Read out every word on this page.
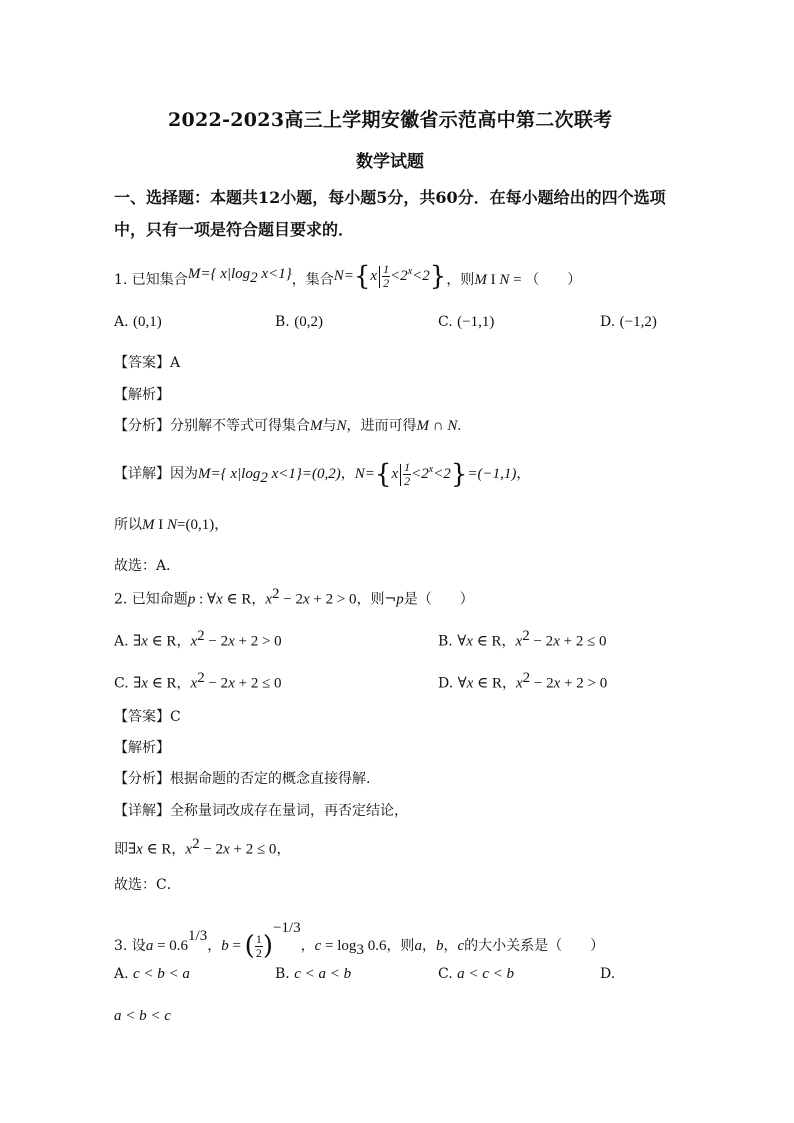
2022-2023高三上学期安徽省示范高中第二次联考
数学试题
一、选择题：本题共12小题，每小题5分，共60分．在每小题给出的四个选项
中，只有一项是符合题目要求的．
1. 已知集合M={ $x|\log_2$ x<1}，集合$N=\{x \frac{1}{2} <2^x<2\}$，则M I N = （　　）
A. (0,1)	B. (0,2)	C. (−1,1)	D. (−1,2)
【答案】A
【解析】
【分析】分别解不等式可得集合M与N，进而可得M ∩ N.
【详解】因为M={ $x|\log_2$ x<1}=(0,2)，$N=\{x \frac{1}{2} <2^x<2\}=(-1,1)$，
所以M I N=(0,1)，
故选：A．
2. 已知命题p : ∀x ∈ R，$x^2 - 2x + 2 > 0$，则¬p是（　　）
A. ∃x ∈ R，$x^2 - 2x + 2 > 0$	B. ∀x ∈ R，$x^2 - 2x + 2 \le 0$
C. ∃x ∈ R，$x^2 - 2x + 2 \le 0$	D. ∀x ∈ R，$x^2 - 2x + 2 > 0$
【答案】C
【解析】
【分析】根据命题的否定的概念直接得解.
【详解】全称量词改成存在量词，再否定结论，
即∃x ∈ R，$x^2 - 2x + 2 \le 0$，
故选：C．
3. 设$a = 0.6^{1/3}$，b = ( $\frac{1}{2} )^{-1/3}$，$c = \log_3 0.6$，则a，b，c的大小关系是（　　）
A. c < b < a	B. c < a < b	C. a < c < b	D.
a < b < c
